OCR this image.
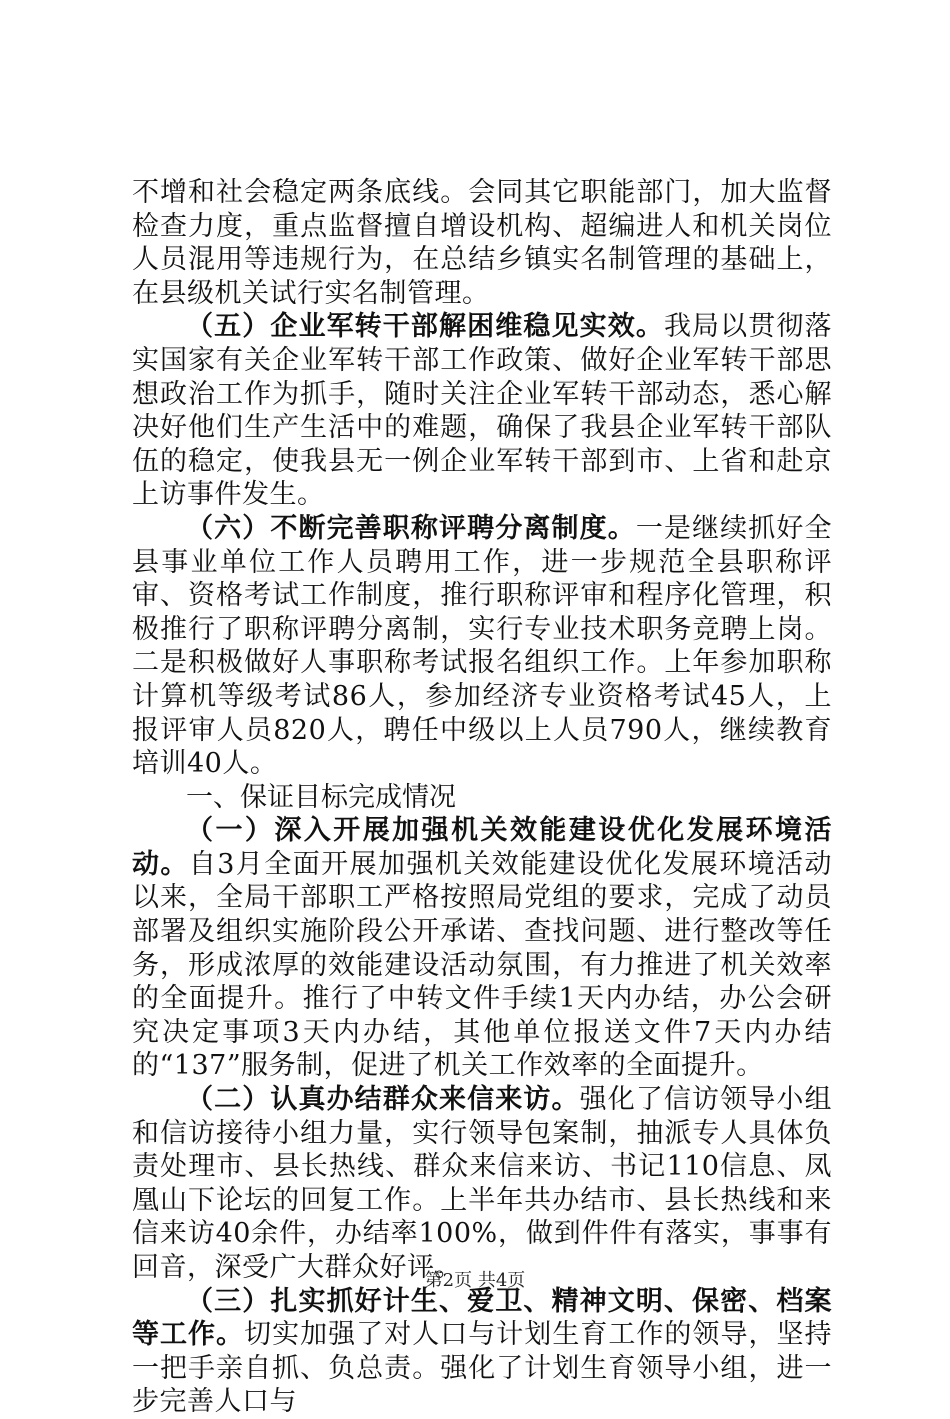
不增和社会稳定两条底线。会同其它职能部门，加大监督检查力度，重点监督擅自增设机构、超编进人和机关岗位人员混用等违规行为，在总结乡镇实名制管理的基础上，在县级机关试行实名制管理。

（五）企业军转干部解困维稳见实效。我局以贯彻落实国家有关企业军转干部工作政策、做好企业军转干部思想政治工作为抓手，随时关注企业军转干部动态，悉心解决好他们生产生活中的难题，确保了我县企业军转干部队伍的稳定，使我县无一例企业军转干部到市、上省和赴京上访事件发生。

（六）不断完善职称评聘分离制度。一是继续抓好全县事业单位工作人员聘用工作，进一步规范全县职称评审、资格考试工作制度，推行职称评审和程序化管理，积极推行了职称评聘分离制，实行专业技术职务竞聘上岗。二是积极做好人事职称考试报名组织工作。上年参加职称计算机等级考试86人，参加经济专业资格考试45人，上报评审人员820人，聘任中级以上人员790人，继续教育培训40人。

一、保证目标完成情况

（一）深入开展加强机关效能建设优化发展环境活动。自3月全面开展加强机关效能建设优化发展环境活动以来，全局干部职工严格按照局党组的要求，完成了动员部署及组织实施阶段公开承诺、查找问题、进行整改等任务，形成浓厚的效能建设活动氛围，有力推进了机关效率的全面提升。推行了中转文件手续1天内办结，办公会研究决定事项3天内办结，其他单位报送文件7天内办结的“137”服务制，促进了机关工作效率的全面提升。

（二）认真办结群众来信来访。强化了信访领导小组和信访接待小组力量，实行领导包案制，抽派专人具体负责处理市、县长热线、群众来信来访、书记110信息、凤凰山下论坛的回复工作。上半年共办结市、县长热线和来信来访40余件，办结率100%，做到件件有落实，事事有回音，深受广大群众好评。

（三）扎实抓好计生、爱卫、精神文明、保密、档案等工作。切实加强了对人口与计划生育工作的领导，坚持一把手亲自抓、负总责。强化了计划生育领导小组，进一步完善人口与

第2页 共4页
